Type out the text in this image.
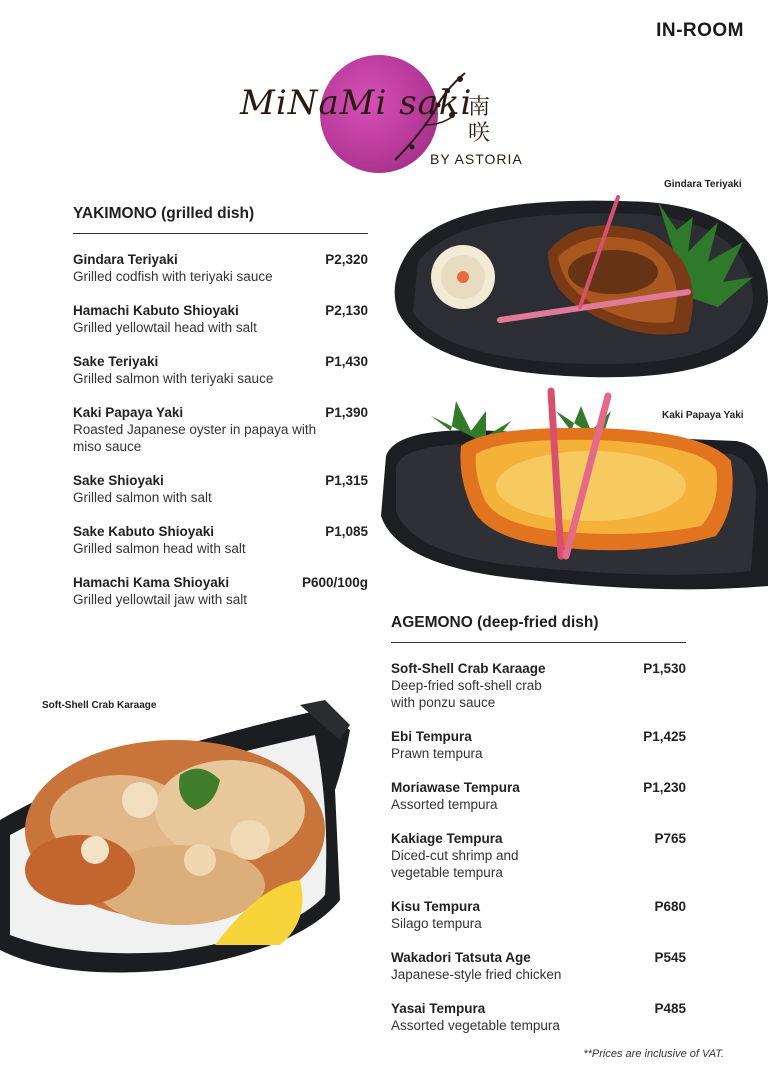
IN-ROOM
MiNaMi saki
南
咲
BY ASTORIA
YAKIMONO (grilled dish)
Gindara Teriyaki
Grilled codfish with teriyaki sauce
P2,320
Hamachi Kabuto Shioyaki
Grilled yellowtail head with salt
P2,130
Sake Teriyaki
Grilled salmon with teriyaki sauce
P1,430
Kaki Papaya Yaki
Roasted Japanese oyster in papaya with miso sauce
P1,390
Sake Shioyaki
Grilled salmon with salt
P1,315
Sake Kabuto Shioyaki
Grilled salmon head with salt
P1,085
Hamachi Kama Shioyaki
Grilled yellowtail jaw with salt
P600/100g
Gindara Teriyaki
Kaki Papaya Yaki
AGEMONO (deep-fried dish)
Soft-Shell Crab Karaage
Deep-fried soft-shell crab
with ponzu sauce
P1,530
Ebi Tempura
Prawn tempura
P1,425
Moriawase Tempura
Assorted tempura
P1,230
Kakiage Tempura
Diced-cut shrimp and
vegetable tempura
P765
Kisu Tempura
Silago tempura
P680
Wakadori Tatsuta Age
Japanese-style fried chicken
P545
Yasai Tempura
Assorted vegetable tempura
P485
Soft-Shell Crab Karaage
**Prices are inclusive of VAT.
